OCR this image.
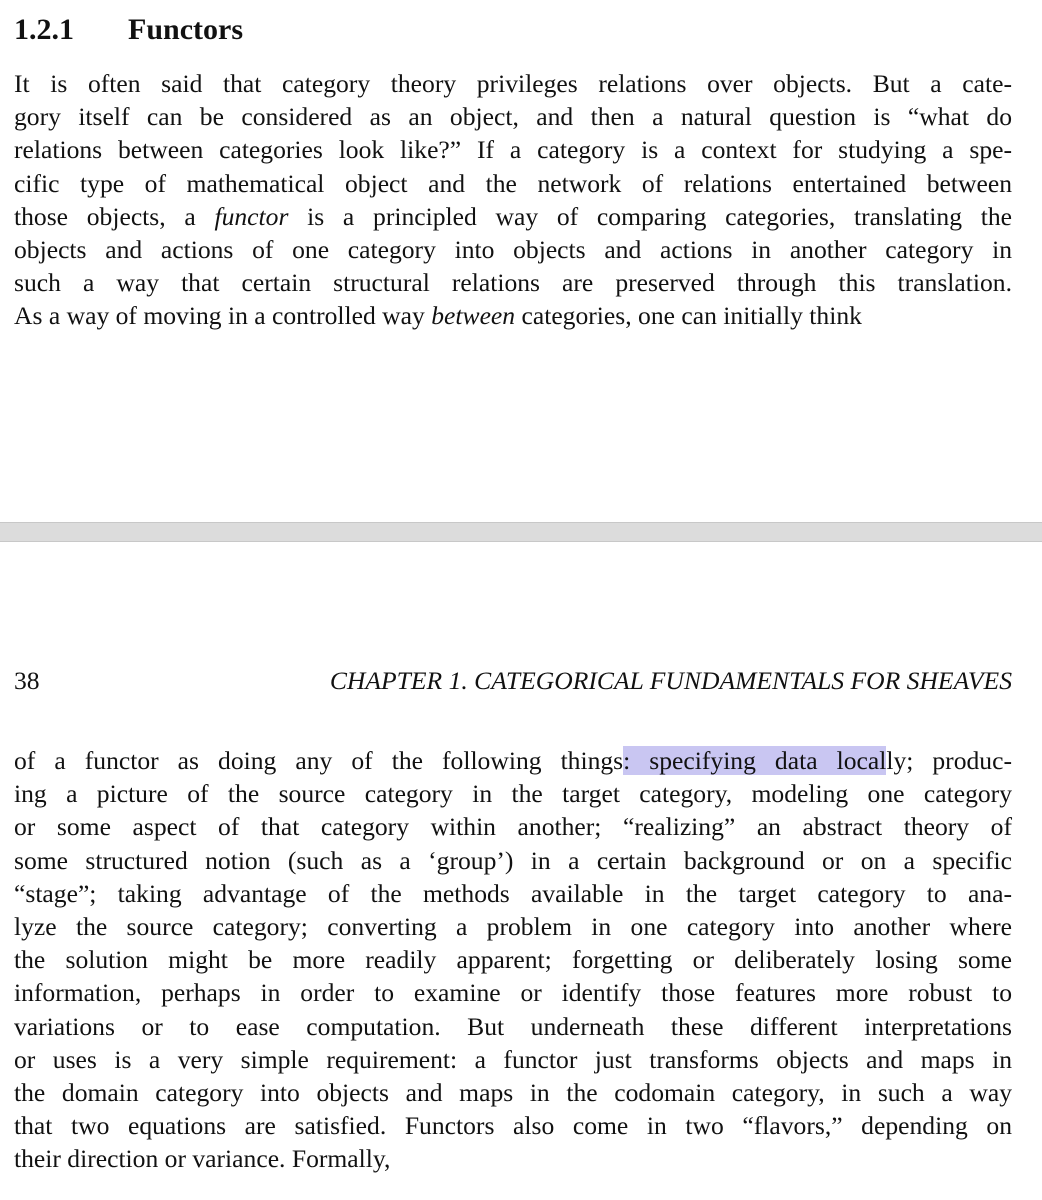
1.2.1 Functors
It is often said that category theory privileges relations over objects. But a cate-
gory itself can be considered as an object, and then a natural question is “what do
relations between categories look like?” If a category is a context for studying a spe-
cific type of mathematical object and the network of relations entertained between
those objects, a functor is a principled way of comparing categories, translating the
objects and actions of one category into objects and actions in another category in
such a way that certain structural relations are preserved through this translation.
As a way of moving in a controlled way between categories, one can initially think
38	CHAPTER 1. CATEGORICAL FUNDAMENTALS FOR SHEAVES
of a functor as doing any of the following things: specifying data locally; produc-
ing a picture of the source category in the target category, modeling one category
or some aspect of that category within another; “realizing” an abstract theory of
some structured notion (such as a ‘group’) in a certain background or on a specific
“stage”; taking advantage of the methods available in the target category to ana-
lyze the source category; converting a problem in one category into another where
the solution might be more readily apparent; forgetting or deliberately losing some
information, perhaps in order to examine or identify those features more robust to
variations or to ease computation. But underneath these different interpretations
or uses is a very simple requirement: a functor just transforms objects and maps in
the domain category into objects and maps in the codomain category, in such a way
that two equations are satisfied. Functors also come in two “flavors,” depending on
their direction or variance. Formally,
